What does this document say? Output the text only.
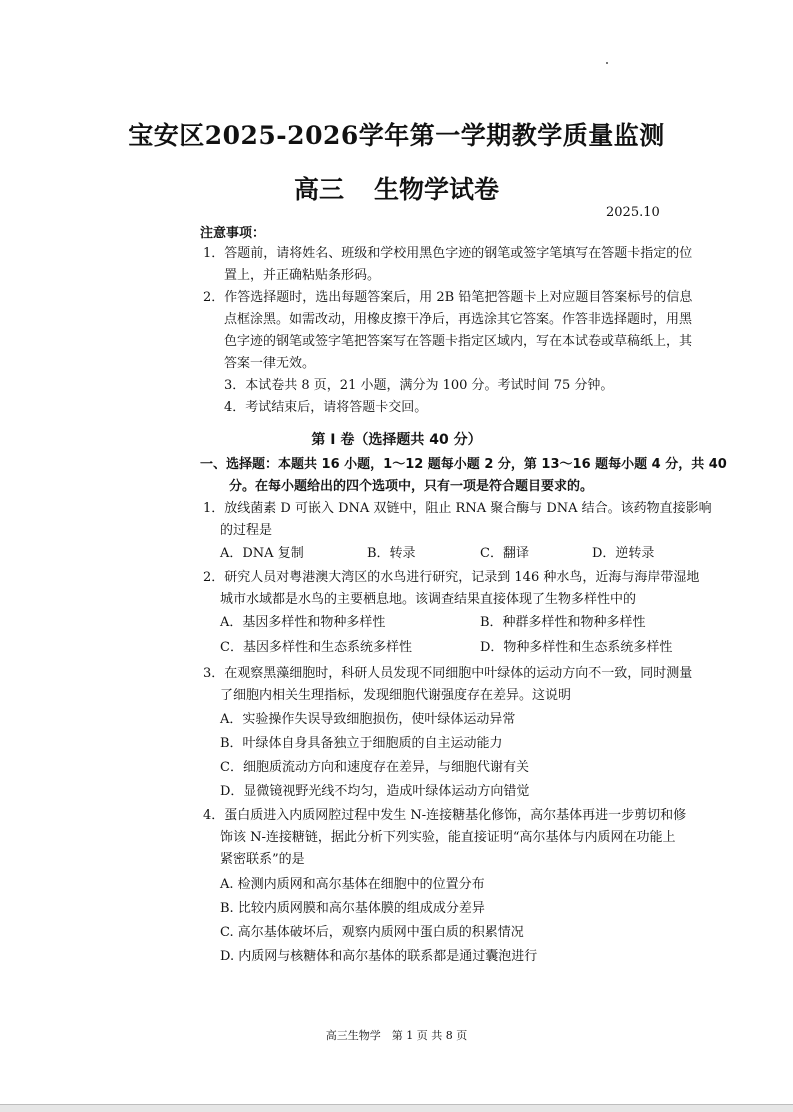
宝安区2025-2026学年第一学期教学质量监测
高三 生物学试卷
2025.10
注意事项：
1．答题前，请将姓名、班级和学校用黑色字迹的钢笔或签字笔填写在答题卡指定的位
置上，并正确粘贴条形码。
2．作答选择题时，选出每题答案后，用 2B 铅笔把答题卡上对应题目答案标号的信息
点框涂黑。如需改动，用橡皮擦干净后，再选涂其它答案。作答非选择题时，用黑
色字迹的钢笔或签字笔把答案写在答题卡指定区域内，写在本试卷或草稿纸上，其
答案一律无效。
3．本试卷共 8 页，21 小题，满分为 100 分。考试时间 75 分钟。
4．考试结束后，请将答题卡交回。
第 Ⅰ 卷（选择题共 40 分）
一、选择题：本题共 16 小题，1～12 题每小题 2 分，第 13～16 题每小题 4 分，共 40
分。在每小题给出的四个选项中，只有一项是符合题目要求的。
1．放线菌素 D 可嵌入 DNA 双链中，阻止 RNA 聚合酶与 DNA 结合。该药物直接影响
的过程是
A．DNA 复制	B．转录	C．翻译	D．逆转录
2．研究人员对粤港澳大湾区的水鸟进行研究，记录到 146 种水鸟，近海与海岸带湿地
城市水域都是水鸟的主要栖息地。该调查结果直接体现了生物多样性中的
A．基因多样性和物种多样性	B．种群多样性和物种多样性
C．基因多样性和生态系统多样性	D．物种多样性和生态系统多样性
3．在观察黑藻细胞时，科研人员发现不同细胞中叶绿体的运动方向不一致，同时测量
了细胞内相关生理指标，发现细胞代谢强度存在差异。这说明
A．实验操作失误导致细胞损伤，使叶绿体运动异常
B．叶绿体自身具备独立于细胞质的自主运动能力
C．细胞质流动方向和速度存在差异，与细胞代谢有关
D．显微镜视野光线不均匀，造成叶绿体运动方向错觉
4．蛋白质进入内质网腔过程中发生 N-连接糖基化修饰，高尔基体再进一步剪切和修
饰该 N-连接糖链，据此分析下列实验，能直接证明“高尔基体与内质网在功能上
紧密联系”的是
A. 检测内质网和高尔基体在细胞中的位置分布
B. 比较内质网膜和高尔基体膜的组成成分差异
C. 高尔基体破坏后，观察内质网中蛋白质的积累情况
D. 内质网与核糖体和高尔基体的联系都是通过囊泡进行
高三生物学　第 1 页 共 8 页
